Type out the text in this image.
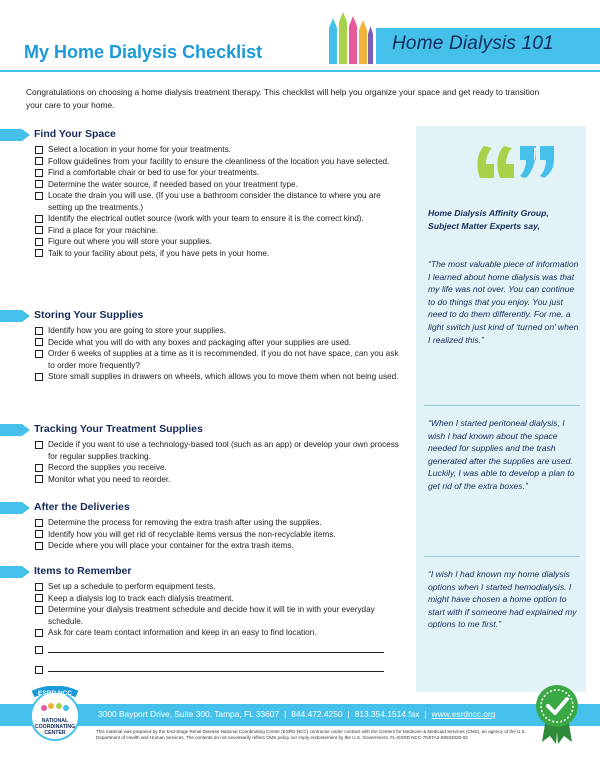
Home Dialysis 101
My Home Dialysis Checklist

Congratulations on choosing a home dialysis treatment therapy. This checklist will help you organize your space and get ready to transition your care to your home.

Find Your Space
Select a location in your home for your treatments.
Follow guidelines from your facility to ensure the cleanliness of the location you have selected.
Find a comfortable chair or bed to use for your treatments.
Determine the water source, if needed based on your treatment type.
Locate the drain you will use. (If you use a bathroom consider the distance to where you are setting up the treatments.)
Identify the electrical outlet source (work with your team to ensure it is the correct kind).
Find a place for your machine.
Figure out where you will store your supplies.
Talk to your facility about pets, if you have pets in your home.
Storing Your Supplies
Identify how you are going to store your supplies.
Decide what you will do with any boxes and packaging after your supplies are used.
Order 6 weeks of supplies at a time as it is recommended. If you do not have space, can you ask to order more frequently?
Store small supplies in drawers on wheels, which allows you to move them when not being used.
Tracking Your Treatment Supplies
Decide if you want to use a technology-based tool (such as an app) or develop your own process for regular supplies tracking.
Record the supplies you receive.
Monitor what you need to reorder.
After the Deliveries
Determine the process for removing the extra trash after using the supplies.
Identify how you will get rid of recyclable items versus the non-recyclable items.
Decide where you will place your container for the extra trash items.
Items to Remember
Set up a schedule to perform equipment tests.
Keep a dialysis log to track each dialysis treatment.
Determine your dialysis treatment schedule and decide how it will tie in with your everyday schedule.
Ask for care team contact information and keep in an easy to find location.
Home Dialysis Affinity Group, Subject Matter Experts say,
“The most valuable piece of information I learned about home dialysis was that my life was not over. You can continue to do things that you enjoy. You just need to do them differently. For me, a light switch just kind of ‘turned on’ when I realized this.”
“When I started peritoneal dialysis, I wish I had known about the space needed for supplies and the trash generated after the supplies are used. Luckily, I was able to develop a plan to get rid of the extra boxes.”
“I wish I had known my home dialysis options when I started hemodialysis. I might have chosen a home option to start with if someone had explained my options to me first.”
3000 Bayport Drive, Suite 300, Tampa, FL 33607 | 844.472.4250 | 813.354.1514 fax | www.esrdncc.org

This material was prepared by the End-Stage Renal Disease National Coordinating Center (ESRD NCC) contractor under contract with the Centers for Medicare & Medicaid Services (CMS), an agency of the U.S. Department of Health and Human Services. The contents do not necessarily reflect CMS policy nor imply endorsement by the U.S. Government. FL-ESRD NCC-7N5TA3-08032020-02

ESRD NCC
NATIONAL
COORDINATING
CENTER
